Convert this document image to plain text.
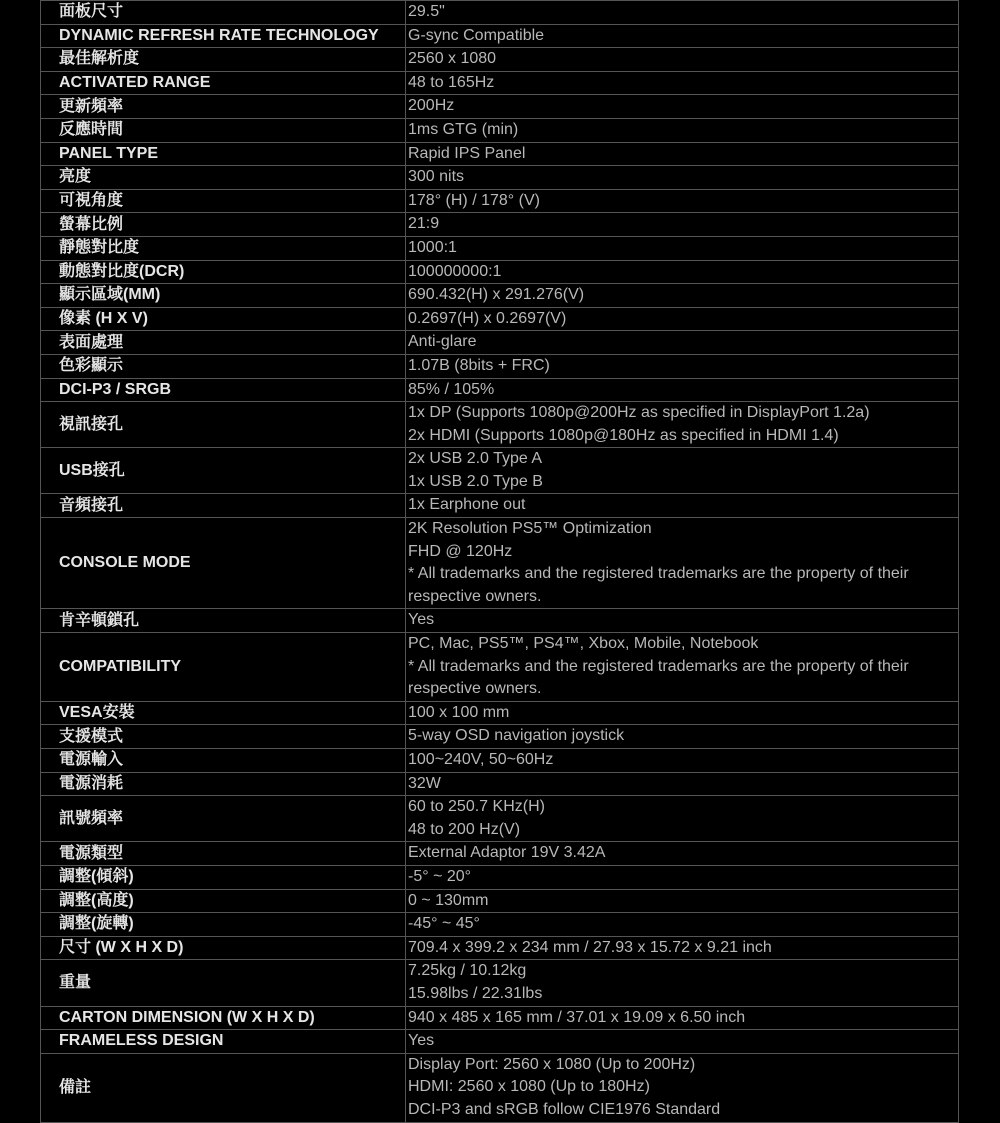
面板尺寸	29.5"

DYNAMIC REFRESH RATE TECHNOLOGY	G-sync Compatible

最佳解析度	2560 x 1080

ACTIVATED RANGE	48 to 165Hz

更新頻率	200Hz

反應時間	1ms GTG (min)

PANEL TYPE	Rapid IPS Panel

亮度	300 nits

可視角度	178° (H) / 178° (V)

螢幕比例	21:9

靜態對比度	1000:1

動態對比度(DCR)	100000000:1

顯示區域(MM)	690.432(H) x 291.276(V)

像素 (H X V)	0.2697(H) x 0.2697(V)

表面處理	Anti-glare

色彩顯示	1.07B (8bits + FRC)

DCI-P3 / SRGB	85% / 105%

視訊接孔	1x DP (Supports 1080p@200Hz as specified in DisplayPort 1.2a)
2x HDMI (Supports 1080p@180Hz as specified in HDMI 1.4)

USB接孔	2x USB 2.0 Type A
1x USB 2.0 Type B

音頻接孔	1x Earphone out

CONSOLE MODE	2K Resolution PS5™ Optimization
FHD @ 120Hz
* All trademarks and the registered trademarks are the property of their respective owners.

肯辛頓鎖孔	Yes

COMPATIBILITY	PC, Mac, PS5™, PS4™, Xbox, Mobile, Notebook
* All trademarks and the registered trademarks are the property of their respective owners.

VESA安裝	100 x 100 mm

支援模式	5-way OSD navigation joystick

電源輸入	100~240V, 50~60Hz

電源消耗	32W

訊號頻率	60 to 250.7 KHz(H)
48 to 200 Hz(V)

電源類型	External Adaptor 19V 3.42A

調整(傾斜)	-5° ~ 20°

調整(高度)	0 ~ 130mm

調整(旋轉)	-45° ~ 45°

尺寸 (W X H X D)	709.4 x 399.2 x 234 mm / 27.93 x 15.72 x 9.21 inch

重量	7.25kg / 10.12kg
15.98lbs / 22.31lbs

CARTON DIMENSION (W X H X D)	940 x 485 x 165 mm / 37.01 x 19.09 x 6.50 inch

FRAMELESS DESIGN	Yes

備註	Display Port: 2560 x 1080 (Up to 200Hz)
HDMI: 2560 x 1080 (Up to 180Hz)
DCI-P3 and sRGB follow CIE1976 Standard
